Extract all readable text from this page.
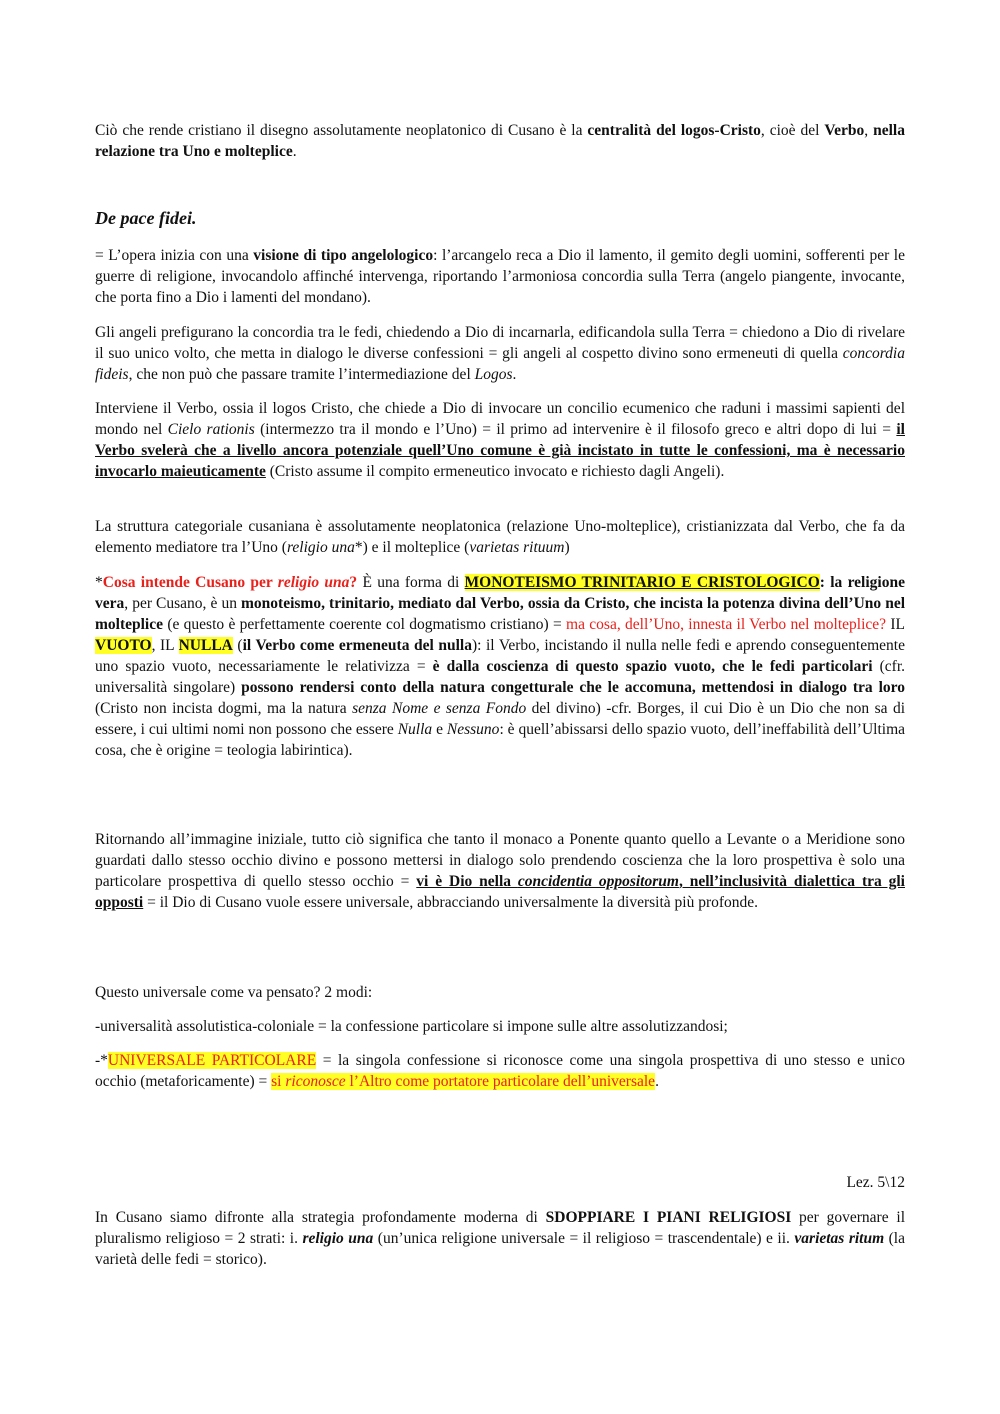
Ciò che rende cristiano il disegno assolutamente neoplatonico di Cusano è la centralità del logos-Cristo, cioè del Verbo, nella relazione tra Uno e molteplice.

De pace fidei.

= L’opera inizia con una visione di tipo angelologico: l’arcangelo reca a Dio il lamento, il gemito degli uomini, sofferenti per le guerre di religione, invocandolo affinché intervenga, riportando l’armoniosa concordia sulla Terra (angelo piangente, invocante, che porta fino a Dio i lamenti del mondano).

Gli angeli prefigurano la concordia tra le fedi, chiedendo a Dio di incarnarla, edificandola sulla Terra = chiedono a Dio di rivelare il suo unico volto, che metta in dialogo le diverse confessioni = gli angeli al cospetto divino sono ermeneuti di quella concordia fideis, che non può che passare tramite l’intermediazione del Logos.

Interviene il Verbo, ossia il logos Cristo, che chiede a Dio di invocare un concilio ecumenico che raduni i massimi sapienti del mondo nel Cielo rationis (intermezzo tra il mondo e l’Uno) = il primo ad intervenire è il filosofo greco e altri dopo di lui = il Verbo svelerà che a livello ancora potenziale quell’Uno comune è già incistato in tutte le confessioni, ma è necessario invocarlo maieuticamente (Cristo assume il compito ermeneutico invocato e richiesto dagli Angeli).

La struttura categoriale cusaniana è assolutamente neoplatonica (relazione Uno-molteplice), cristianizzata dal Verbo, che fa da elemento mediatore tra l’Uno (religio una*) e il molteplice (varietas rituum)

*Cosa intende Cusano per religio una? È una forma di MONOTEISMO TRINITARIO E CRISTOLOGICO: la religione vera, per Cusano, è un monoteismo, trinitario, mediato dal Verbo, ossia da Cristo, che incista la potenza divina dell’Uno nel molteplice (e questo è perfettamente coerente col dogmatismo cristiano) = ma cosa, dell’Uno, innesta il Verbo nel molteplice? IL VUOTO, IL NULLA (il Verbo come ermeneuta del nulla): il Verbo, incistando il nulla nelle fedi e aprendo conseguentemente uno spazio vuoto, necessariamente le relativizza = è dalla coscienza di questo spazio vuoto, che le fedi particolari (cfr. universalità singolare) possono rendersi conto della natura congetturale che le accomuna, mettendosi in dialogo tra loro (Cristo non incista dogmi, ma la natura senza Nome e senza Fondo del divino) -cfr. Borges, il cui Dio è un Dio che non sa di essere, i cui ultimi nomi non possono che essere Nulla e Nessuno: è quell’abissarsi dello spazio vuoto, dell’ineffabilità dell’Ultima cosa, che è origine = teologia labirintica).

Ritornando all’immagine iniziale, tutto ciò significa che tanto il monaco a Ponente quanto quello a Levante o a Meridione sono guardati dallo stesso occhio divino e possono mettersi in dialogo solo prendendo coscienza che la loro prospettiva è solo una particolare prospettiva di quello stesso occhio = vi è Dio nella concidentia oppositorum, nell’inclusività dialettica tra gli opposti = il Dio di Cusano vuole essere universale, abbracciando universalmente la diversità più profonde.

Questo universale come va pensato? 2 modi:

-universalità assolutistica-coloniale = la confessione particolare si impone sulle altre assolutizzandosi;

-*UNIVERSALE PARTICOLARE = la singola confessione si riconosce come una singola prospettiva di uno stesso e unico occhio (metaforicamente) = si riconosce l’Altro come portatore particolare dell’universale.

Lez. 5\12

In Cusano siamo difronte alla strategia profondamente moderna di SDOPPIARE I PIANI RELIGIOSI per governare il pluralismo religioso = 2 strati: i. religio una (un’unica religione universale = il religioso = trascendentale) e ii. varietas ritum (la varietà delle fedi = storico).
